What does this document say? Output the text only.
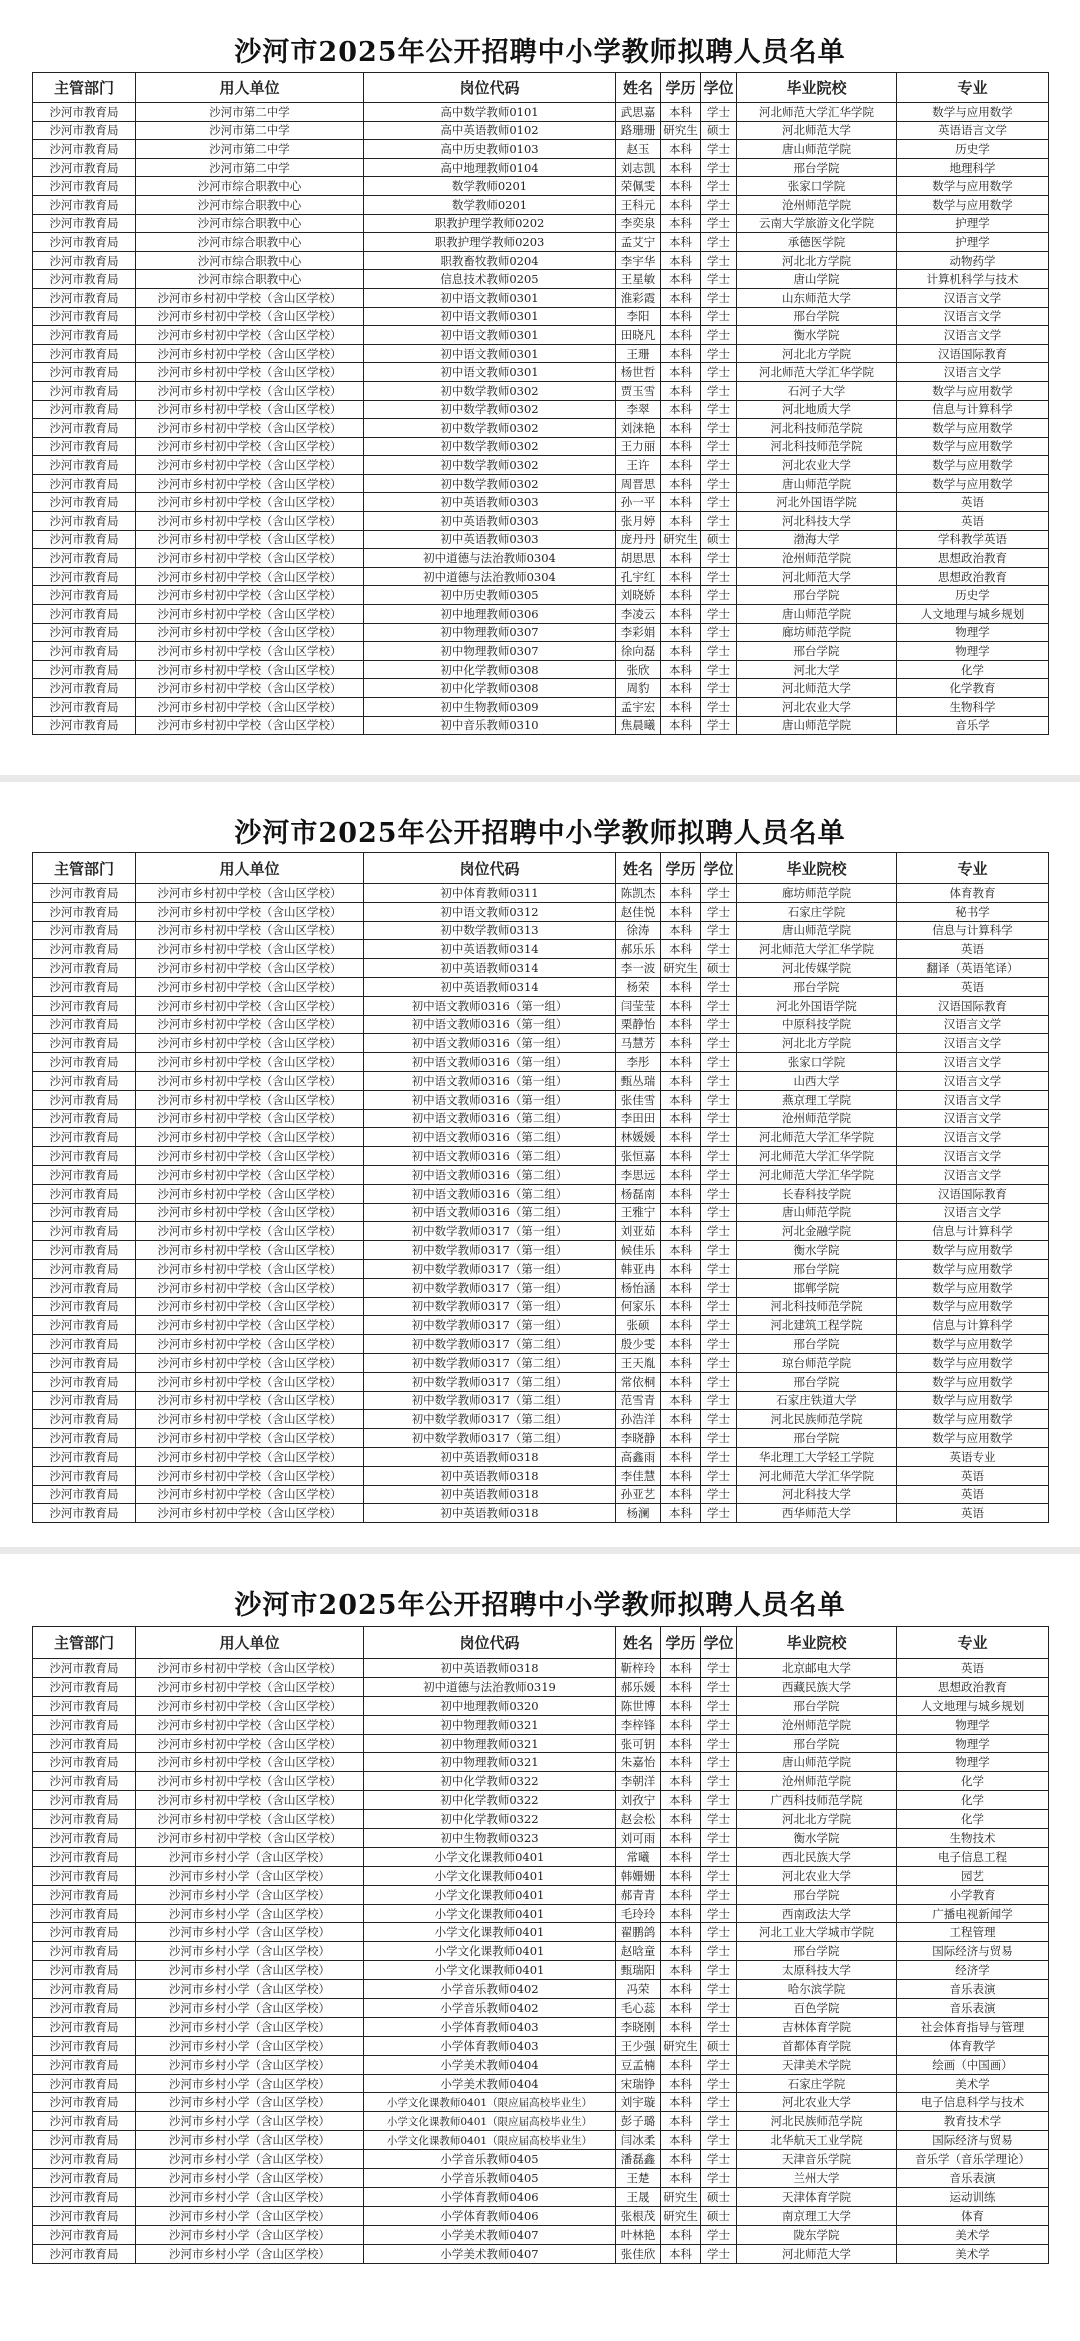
沙河市2025年公开招聘中小学教师拟聘人员名单
主管部门	用人单位	岗位代码	姓名	学历	学位	毕业院校	专业
沙河市教育局	沙河市第二中学	高中数学教师0101	武思嘉	本科	学士	河北师范大学汇华学院	数学与应用数学
沙河市教育局	沙河市第二中学	高中英语教师0102	路珊珊	研究生	硕士	河北师范大学	英语语言文学
沙河市教育局	沙河市第二中学	高中历史教师0103	赵玉	本科	学士	唐山师范学院	历史学
沙河市教育局	沙河市第二中学	高中地理教师0104	刘志凯	本科	学士	邢台学院	地理科学
沙河市教育局	沙河市综合职教中心	数学教师0201	荣佩雯	本科	学士	张家口学院	数学与应用数学
沙河市教育局	沙河市综合职教中心	数学教师0201	王科元	本科	学士	沧州师范学院	数学与应用数学
沙河市教育局	沙河市综合职教中心	职教护理学教师0202	李奕泉	本科	学士	云南大学旅游文化学院	护理学
沙河市教育局	沙河市综合职教中心	职教护理学教师0203	孟艾宁	本科	学士	承德医学院	护理学
沙河市教育局	沙河市综合职教中心	职教畜牧教师0204	李宇华	本科	学士	河北北方学院	动物药学
沙河市教育局	沙河市综合职教中心	信息技术教师0205	王星敏	本科	学士	唐山学院	计算机科学与技术
沙河市教育局	沙河市乡村初中学校（含山区学校）	初中语文教师0301	淮彩霞	本科	学士	山东师范大学	汉语言文学
沙河市教育局	沙河市乡村初中学校（含山区学校）	初中语文教师0301	李阳	本科	学士	邢台学院	汉语言文学
沙河市教育局	沙河市乡村初中学校（含山区学校）	初中语文教师0301	田晓凡	本科	学士	衡水学院	汉语言文学
沙河市教育局	沙河市乡村初中学校（含山区学校）	初中语文教师0301	王珊	本科	学士	河北北方学院	汉语国际教育
沙河市教育局	沙河市乡村初中学校（含山区学校）	初中语文教师0301	杨世哲	本科	学士	河北师范大学汇华学院	汉语言文学
沙河市教育局	沙河市乡村初中学校（含山区学校）	初中数学教师0302	贾玉雪	本科	学士	石河子大学	数学与应用数学
沙河市教育局	沙河市乡村初中学校（含山区学校）	初中数学教师0302	李翠	本科	学士	河北地质大学	信息与计算科学
沙河市教育局	沙河市乡村初中学校（含山区学校）	初中数学教师0302	刘涞艳	本科	学士	河北科技师范学院	数学与应用数学
沙河市教育局	沙河市乡村初中学校（含山区学校）	初中数学教师0302	王力丽	本科	学士	河北科技师范学院	数学与应用数学
沙河市教育局	沙河市乡村初中学校（含山区学校）	初中数学教师0302	王许	本科	学士	河北农业大学	数学与应用数学
沙河市教育局	沙河市乡村初中学校（含山区学校）	初中数学教师0302	周晋思	本科	学士	唐山师范学院	数学与应用数学
沙河市教育局	沙河市乡村初中学校（含山区学校）	初中英语教师0303	孙一平	本科	学士	河北外国语学院	英语
沙河市教育局	沙河市乡村初中学校（含山区学校）	初中英语教师0303	张月婷	本科	学士	河北科技大学	英语
沙河市教育局	沙河市乡村初中学校（含山区学校）	初中英语教师0303	庞丹丹	研究生	硕士	渤海大学	学科教学英语
沙河市教育局	沙河市乡村初中学校（含山区学校）	初中道德与法治教师0304	胡思思	本科	学士	沧州师范学院	思想政治教育
沙河市教育局	沙河市乡村初中学校（含山区学校）	初中道德与法治教师0304	孔宇红	本科	学士	河北师范大学	思想政治教育
沙河市教育局	沙河市乡村初中学校（含山区学校）	初中历史教师0305	刘晓娇	本科	学士	邢台学院	历史学
沙河市教育局	沙河市乡村初中学校（含山区学校）	初中地理教师0306	李凌云	本科	学士	唐山师范学院	人文地理与城乡规划
沙河市教育局	沙河市乡村初中学校（含山区学校）	初中物理教师0307	李彩娟	本科	学士	廊坊师范学院	物理学
沙河市教育局	沙河市乡村初中学校（含山区学校）	初中物理教师0307	徐向磊	本科	学士	邢台学院	物理学
沙河市教育局	沙河市乡村初中学校（含山区学校）	初中化学教师0308	张欣	本科	学士	河北大学	化学
沙河市教育局	沙河市乡村初中学校（含山区学校）	初中化学教师0308	周豹	本科	学士	河北师范大学	化学教育
沙河市教育局	沙河市乡村初中学校（含山区学校）	初中生物教师0309	孟宇宏	本科	学士	河北农业大学	生物科学
沙河市教育局	沙河市乡村初中学校（含山区学校）	初中音乐教师0310	焦晨曦	本科	学士	唐山师范学院	音乐学
沙河市2025年公开招聘中小学教师拟聘人员名单
主管部门	用人单位	岗位代码	姓名	学历	学位	毕业院校	专业
沙河市教育局	沙河市乡村初中学校（含山区学校）	初中体育教师0311	陈凯杰	本科	学士	廊坊师范学院	体育教育
沙河市教育局	沙河市乡村初中学校（含山区学校）	初中语文教师0312	赵佳悦	本科	学士	石家庄学院	秘书学
沙河市教育局	沙河市乡村初中学校（含山区学校）	初中数学教师0313	徐涛	本科	学士	唐山师范学院	信息与计算科学
沙河市教育局	沙河市乡村初中学校（含山区学校）	初中英语教师0314	郝乐乐	本科	学士	河北师范大学汇华学院	英语
沙河市教育局	沙河市乡村初中学校（含山区学校）	初中英语教师0314	李一波	研究生	硕士	河北传媒学院	翻译（英语笔译）
沙河市教育局	沙河市乡村初中学校（含山区学校）	初中英语教师0314	杨荣	本科	学士	邢台学院	英语
沙河市教育局	沙河市乡村初中学校（含山区学校）	初中语文教师0316（第一组）	闫莹莹	本科	学士	河北外国语学院	汉语国际教育
沙河市教育局	沙河市乡村初中学校（含山区学校）	初中语文教师0316（第一组）	栗静怡	本科	学士	中原科技学院	汉语言文学
沙河市教育局	沙河市乡村初中学校（含山区学校）	初中语文教师0316（第一组）	马慧芳	本科	学士	河北北方学院	汉语言文学
沙河市教育局	沙河市乡村初中学校（含山区学校）	初中语文教师0316（第一组）	李彤	本科	学士	张家口学院	汉语言文学
沙河市教育局	沙河市乡村初中学校（含山区学校）	初中语文教师0316（第一组）	甄丛瑞	本科	学士	山西大学	汉语言文学
沙河市教育局	沙河市乡村初中学校（含山区学校）	初中语文教师0316（第一组）	张佳雪	本科	学士	燕京理工学院	汉语言文学
沙河市教育局	沙河市乡村初中学校（含山区学校）	初中语文教师0316（第二组）	李田田	本科	学士	沧州师范学院	汉语言文学
沙河市教育局	沙河市乡村初中学校（含山区学校）	初中语文教师0316（第二组）	林媛媛	本科	学士	河北师范大学汇华学院	汉语言文学
沙河市教育局	沙河市乡村初中学校（含山区学校）	初中语文教师0316（第二组）	张恒嘉	本科	学士	河北师范大学汇华学院	汉语言文学
沙河市教育局	沙河市乡村初中学校（含山区学校）	初中语文教师0316（第二组）	李思远	本科	学士	河北师范大学汇华学院	汉语言文学
沙河市教育局	沙河市乡村初中学校（含山区学校）	初中语文教师0316（第二组）	杨磊南	本科	学士	长春科技学院	汉语国际教育
沙河市教育局	沙河市乡村初中学校（含山区学校）	初中语文教师0316（第二组）	王雅宁	本科	学士	唐山师范学院	汉语言文学
沙河市教育局	沙河市乡村初中学校（含山区学校）	初中数学教师0317（第一组）	刘亚茹	本科	学士	河北金融学院	信息与计算科学
沙河市教育局	沙河市乡村初中学校（含山区学校）	初中数学教师0317（第一组）	候佳乐	本科	学士	衡水学院	数学与应用数学
沙河市教育局	沙河市乡村初中学校（含山区学校）	初中数学教师0317（第一组）	韩亚冉	本科	学士	邢台学院	数学与应用数学
沙河市教育局	沙河市乡村初中学校（含山区学校）	初中数学教师0317（第一组）	杨怡涵	本科	学士	邯郸学院	数学与应用数学
沙河市教育局	沙河市乡村初中学校（含山区学校）	初中数学教师0317（第一组）	何家乐	本科	学士	河北科技师范学院	数学与应用数学
沙河市教育局	沙河市乡村初中学校（含山区学校）	初中数学教师0317（第一组）	张硕	本科	学士	河北建筑工程学院	信息与计算科学
沙河市教育局	沙河市乡村初中学校（含山区学校）	初中数学教师0317（第二组）	殷少雯	本科	学士	邢台学院	数学与应用数学
沙河市教育局	沙河市乡村初中学校（含山区学校）	初中数学教师0317（第二组）	王天胤	本科	学士	琼台师范学院	数学与应用数学
沙河市教育局	沙河市乡村初中学校（含山区学校）	初中数学教师0317（第二组）	常依桐	本科	学士	邢台学院	数学与应用数学
沙河市教育局	沙河市乡村初中学校（含山区学校）	初中数学教师0317（第二组）	范雪青	本科	学士	石家庄铁道大学	数学与应用数学
沙河市教育局	沙河市乡村初中学校（含山区学校）	初中数学教师0317（第二组）	孙浩洋	本科	学士	河北民族师范学院	数学与应用数学
沙河市教育局	沙河市乡村初中学校（含山区学校）	初中数学教师0317（第二组）	李晓静	本科	学士	邢台学院	数学与应用数学
沙河市教育局	沙河市乡村初中学校（含山区学校）	初中英语教师0318	高鑫雨	本科	学士	华北理工大学轻工学院	英语专业
沙河市教育局	沙河市乡村初中学校（含山区学校）	初中英语教师0318	李佳慧	本科	学士	河北师范大学汇华学院	英语
沙河市教育局	沙河市乡村初中学校（含山区学校）	初中英语教师0318	孙亚艺	本科	学士	河北科技大学	英语
沙河市教育局	沙河市乡村初中学校（含山区学校）	初中英语教师0318	杨澜	本科	学士	西华师范大学	英语
沙河市2025年公开招聘中小学教师拟聘人员名单
主管部门	用人单位	岗位代码	姓名	学历	学位	毕业院校	专业
沙河市教育局	沙河市乡村初中学校（含山区学校）	初中英语教师0318	靳梓玲	本科	学士	北京邮电大学	英语
沙河市教育局	沙河市乡村初中学校（含山区学校）	初中道德与法治教师0319	郝乐媛	本科	学士	西藏民族大学	思想政治教育
沙河市教育局	沙河市乡村初中学校（含山区学校）	初中地理教师0320	陈世博	本科	学士	邢台学院	人文地理与城乡规划
沙河市教育局	沙河市乡村初中学校（含山区学校）	初中物理教师0321	李梓锋	本科	学士	沧州师范学院	物理学
沙河市教育局	沙河市乡村初中学校（含山区学校）	初中物理教师0321	张可钥	本科	学士	邢台学院	物理学
沙河市教育局	沙河市乡村初中学校（含山区学校）	初中物理教师0321	朱嘉怡	本科	学士	唐山师范学院	物理学
沙河市教育局	沙河市乡村初中学校（含山区学校）	初中化学教师0322	李朝洋	本科	学士	沧州师范学院	化学
沙河市教育局	沙河市乡村初中学校（含山区学校）	初中化学教师0322	刘孜宁	本科	学士	广西科技师范学院	化学
沙河市教育局	沙河市乡村初中学校（含山区学校）	初中化学教师0322	赵会松	本科	学士	河北北方学院	化学
沙河市教育局	沙河市乡村初中学校（含山区学校）	初中生物教师0323	刘可雨	本科	学士	衡水学院	生物技术
沙河市教育局	沙河市乡村小学（含山区学校）	小学文化课教师0401	常曦	本科	学士	西北民族大学	电子信息工程
沙河市教育局	沙河市乡村小学（含山区学校）	小学文化课教师0401	韩姗姗	本科	学士	河北农业大学	园艺
沙河市教育局	沙河市乡村小学（含山区学校）	小学文化课教师0401	郝青青	本科	学士	邢台学院	小学教育
沙河市教育局	沙河市乡村小学（含山区学校）	小学文化课教师0401	毛玲玲	本科	学士	西南政法大学	广播电视新闻学
沙河市教育局	沙河市乡村小学（含山区学校）	小学文化课教师0401	翟鹏鸽	本科	学士	河北工业大学城市学院	工程管理
沙河市教育局	沙河市乡村小学（含山区学校）	小学文化课教师0401	赵晗童	本科	学士	邢台学院	国际经济与贸易
沙河市教育局	沙河市乡村小学（含山区学校）	小学文化课教师0401	甄瑞阳	本科	学士	太原科技大学	经济学
沙河市教育局	沙河市乡村小学（含山区学校）	小学音乐教师0402	冯荣	本科	学士	哈尔滨学院	音乐表演
沙河市教育局	沙河市乡村小学（含山区学校）	小学音乐教师0402	毛心蕊	本科	学士	百色学院	音乐表演
沙河市教育局	沙河市乡村小学（含山区学校）	小学体育教师0403	李晓刚	本科	学士	吉林体育学院	社会体育指导与管理
沙河市教育局	沙河市乡村小学（含山区学校）	小学体育教师0403	王少强	研究生	硕士	首都体育学院	体育教学
沙河市教育局	沙河市乡村小学（含山区学校）	小学美术教师0404	豆孟楠	本科	学士	天津美术学院	绘画（中国画）
沙河市教育局	沙河市乡村小学（含山区学校）	小学美术教师0404	宋瑞铮	本科	学士	石家庄学院	美术学
沙河市教育局	沙河市乡村小学（含山区学校）	小学文化课教师0401（限应届高校毕业生）	刘宇璇	本科	学士	河北农业大学	电子信息科学与技术
沙河市教育局	沙河市乡村小学（含山区学校）	小学文化课教师0401（限应届高校毕业生）	彭子璐	本科	学士	河北民族师范学院	教育技术学
沙河市教育局	沙河市乡村小学（含山区学校）	小学文化课教师0401（限应届高校毕业生）	闫冰柔	本科	学士	北华航天工业学院	国际经济与贸易
沙河市教育局	沙河市乡村小学（含山区学校）	小学音乐教师0405	潘磊鑫	本科	学士	天津音乐学院	音乐学（音乐学理论）
沙河市教育局	沙河市乡村小学（含山区学校）	小学音乐教师0405	王楚	本科	学士	兰州大学	音乐表演
沙河市教育局	沙河市乡村小学（含山区学校）	小学体育教师0406	王晟	研究生	硕士	天津体育学院	运动训练
沙河市教育局	沙河市乡村小学（含山区学校）	小学体育教师0406	张根茂	研究生	硕士	南京理工大学	体育
沙河市教育局	沙河市乡村小学（含山区学校）	小学美术教师0407	叶林艳	本科	学士	陇东学院	美术学
沙河市教育局	沙河市乡村小学（含山区学校）	小学美术教师0407	张佳欣	本科	学士	河北师范大学	美术学
